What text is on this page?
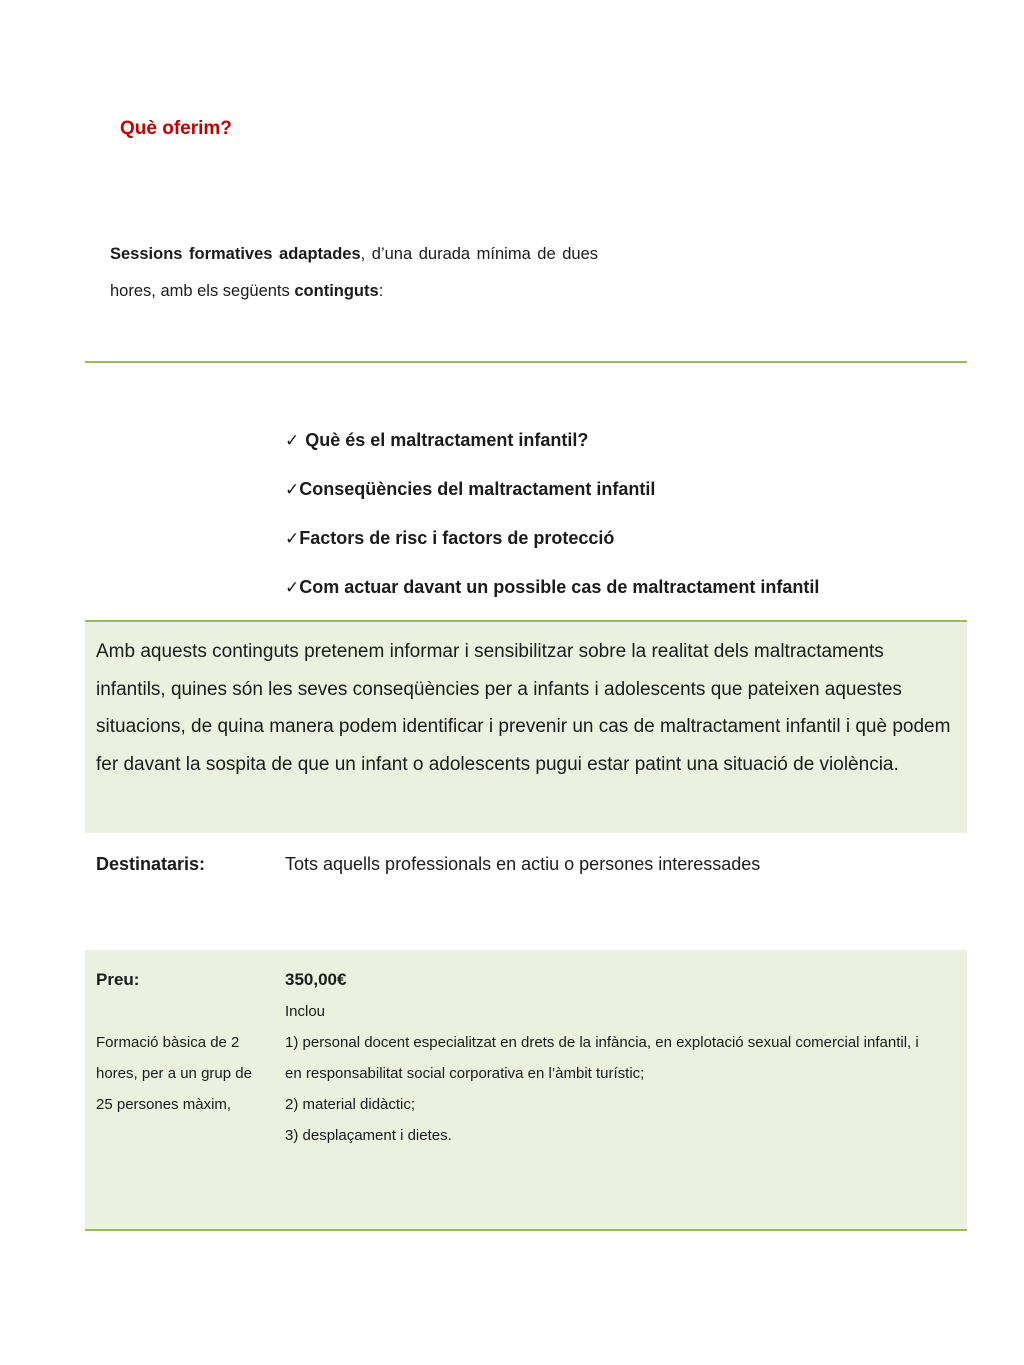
Què oferim?

Sessions formatives adaptades, d’una durada mínima de dues hores, amb els següents continguts:

✓ Què és el maltractament infantil?
✓ Conseqüències del maltractament infantil
✓ Factors de risc i factors de protecció
✓ Com actuar davant un possible cas de maltractament infantil

Amb aquests continguts pretenem informar i sensibilitzar sobre la realitat dels maltractaments infantils, quines són les seves conseqüències per a infants i adolescents que pateixen aquestes situacions, de quina manera podem identificar i prevenir un cas de maltractament infantil i què podem fer davant la sospita de que un infant o adolescents pugui estar patint una situació de violència.

Destinataris:	Tots aquells professionals en actiu o persones interessades
Preu:

Formació bàsica de 2 hores, per a un grup de 25 persones màxim,

350,00€
Inclou
1) personal docent especialitzat en drets de la infància, en explotació sexual comercial infantil, i en responsabilitat social corporativa en l’àmbit turístic;
2) material didàctic;
3) desplaçament i dietes.
